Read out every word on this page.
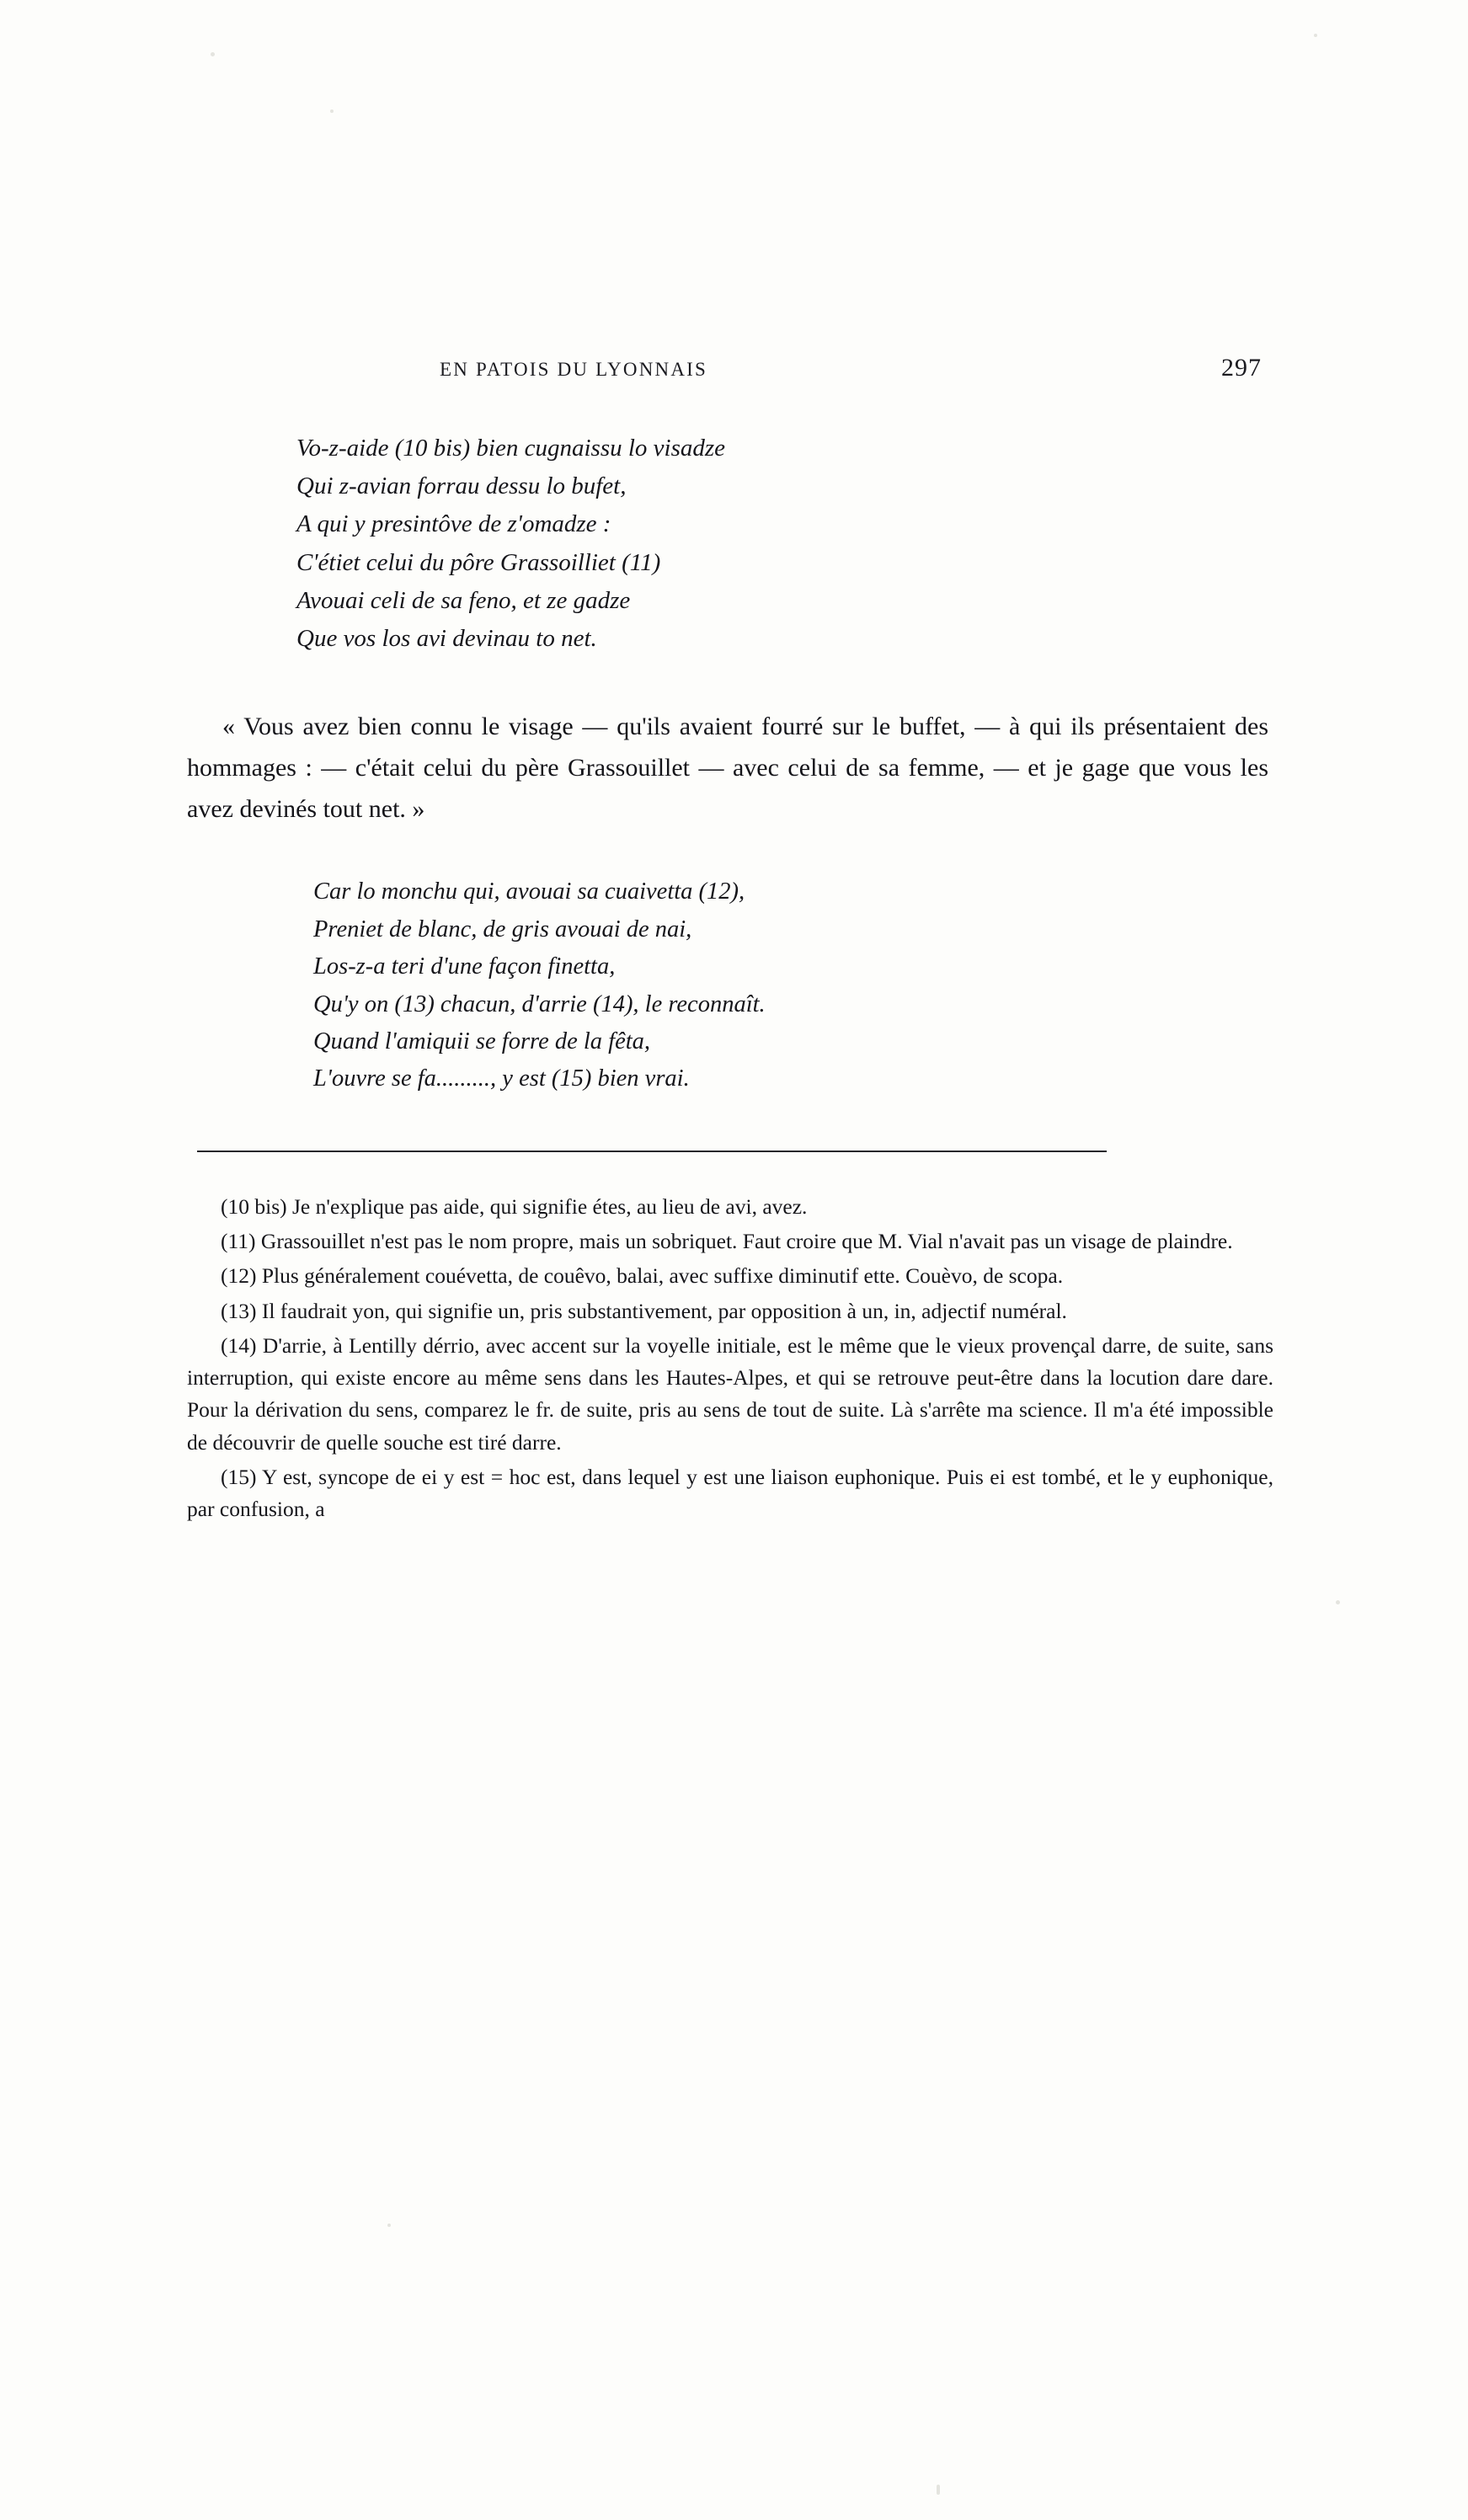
EN PATOIS DU LYONNAIS	297
Vo-z-aide (10 bis) bien cugnaissu lo visadze
Qui z-avian forrau dessu lo bufet,
A qui y presintôve de z'omadze :
C'étiet celui du pôre Grassoilliet (11)
Avouai celi de sa feno, et ze gadze
Que vos los avi devinau to net.

« Vous avez bien connu le visage — qu'ils avaient fourré sur le buffet, — à qui ils présentaient des hommages : — c'était celui du père Grassouillet — avec celui de sa femme, — et je gage que vous les avez devinés tout net. »

Car lo monchu qui, avouai sa cuaivetta (12),
Preniet de blanc, de gris avouai de nai,
Los-z-a teri d'une façon finetta,
Qu'y on (13) chacun, d'arrie (14), le reconnaît.
Quand l'amiquii se forre de la fêta,
L'ouvre se fa........., y est (15) bien vrai.
(10 bis) Je n'explique pas aide, qui signifie étes, au lieu de avi, avez.
(11) Grassouillet n'est pas le nom propre, mais un sobriquet. Faut croire que M. Vial n'avait pas un visage de plaindre.
(12) Plus généralement couévetta, de couêvo, balai, avec suffixe diminutif ette. Couèvo, de scopa.
(13) Il faudrait yon, qui signifie un, pris substantivement, par opposition à un, in, adjectif numéral.
(14) D'arrie, à Lentilly dérrio, avec accent sur la voyelle initiale, est le même que le vieux provençal darre, de suite, sans interruption, qui existe encore au même sens dans les Hautes-Alpes, et qui se retrouve peut-être dans la locution dare dare. Pour la dérivation du sens, comparez le fr. de suite, pris au sens de tout de suite. Là s'arrête ma science. Il m'a été impossible de découvrir de quelle souche est tiré darre.
(15) Y est, syncope de ei y est = hoc est, dans lequel y est une liaison euphonique. Puis ei est tombé, et le y euphonique, par confusion, a
